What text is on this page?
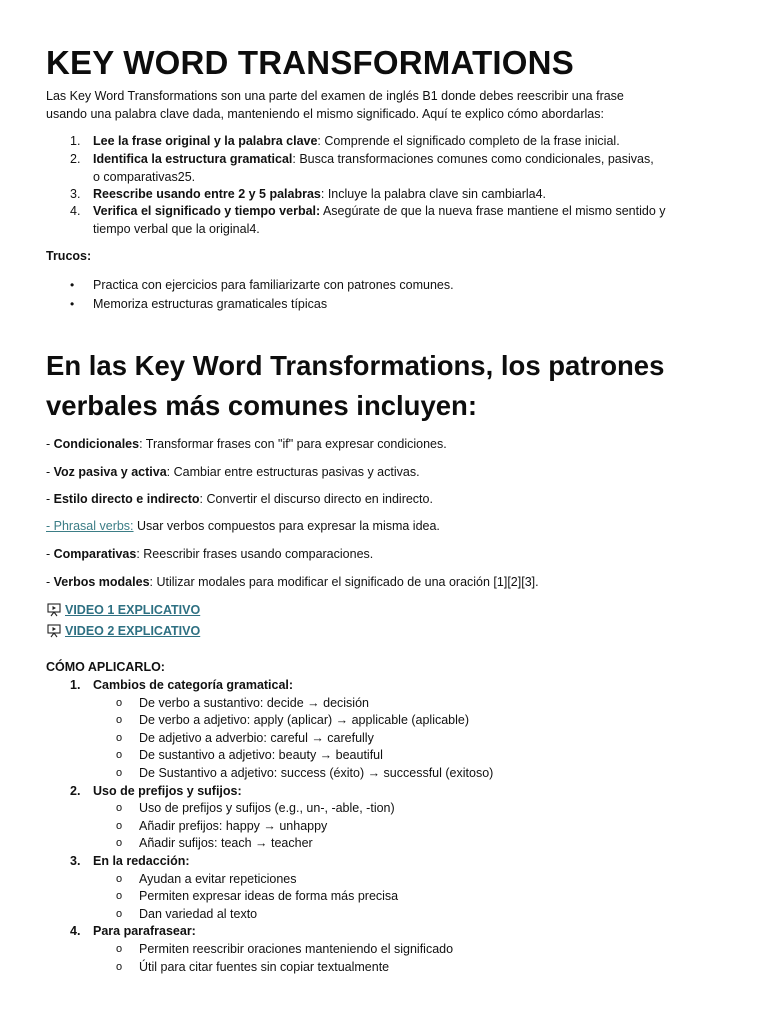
KEY WORD TRANSFORMATIONS
Las Key Word Transformations son una parte del examen de inglés B1 donde debes reescribir una frase
usando una palabra clave dada, manteniendo el mismo significado. Aquí te explico cómo abordarlas:
1. Lee la frase original y la palabra clave: Comprende el significado completo de la frase inicial.
2. Identifica la estructura gramatical: Busca transformaciones comunes como condicionales, pasivas,
o comparativas25.
3. Reescribe usando entre 2 y 5 palabras: Incluye la palabra clave sin cambiarla4.
4. Verifica el significado y tiempo verbal: Asegúrate de que la nueva frase mantiene el mismo sentido y
tiempo verbal que la original4.
Trucos:
• Practica con ejercicios para familiarizarte con patrones comunes.
• Memoriza estructuras gramaticales típicas
En las Key Word Transformations, los patrones
verbales más comunes incluyen:
- Condicionales: Transformar frases con "if" para expresar condiciones.
- Voz pasiva y activa: Cambiar entre estructuras pasivas y activas.
- Estilo directo e indirecto: Convertir el discurso directo en indirecto.
- Phrasal verbs: Usar verbos compuestos para expresar la misma idea.
- Comparativas: Reescribir frases usando comparaciones.
- Verbos modales: Utilizar modales para modificar el significado de una oración [1][2][3].
VIDEO 1 EXPLICATIVO
VIDEO 2 EXPLICATIVO
CÓMO APLICARLO:
1. Cambios de categoría gramatical:
o De verbo a sustantivo: decide → decisión
o De verbo a adjetivo: apply (aplicar) → applicable (aplicable)
o De adjetivo a adverbio: careful → carefully
o De sustantivo a adjetivo: beauty → beautiful
o De Sustantivo a adjetivo: success (éxito) → successful (exitoso)
2. Uso de prefijos y sufijos:
o Uso de prefijos y sufijos (e.g., un-, -able, -tion)
o Añadir prefijos: happy → unhappy
o Añadir sufijos: teach → teacher
3. En la redacción:
o Ayudan a evitar repeticiones
o Permiten expresar ideas de forma más precisa
o Dan variedad al texto
4. Para parafrasear:
o Permiten reescribir oraciones manteniendo el significado
o Útil para citar fuentes sin copiar textualmente
